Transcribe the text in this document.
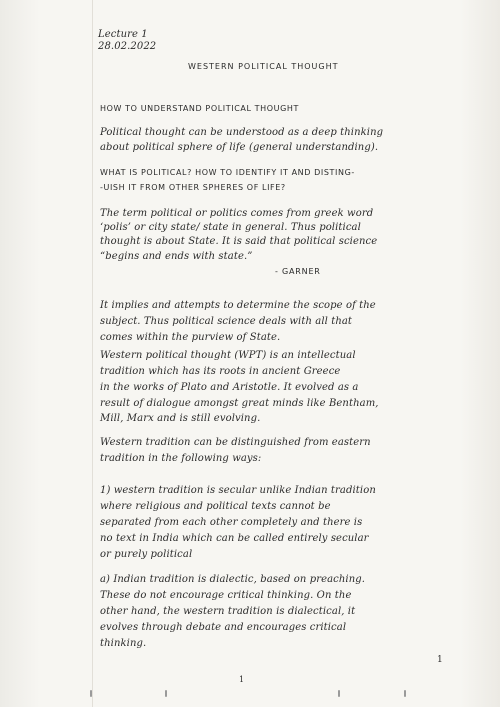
Lecture 1
28.02.2022
WESTERN POLITICAL THOUGHT
HOW TO UNDERSTAND POLITICAL THOUGHT
Political thought can be understood as a deep thinking
about political sphere of life (general understanding).
WHAT IS POLITICAL? HOW TO IDENTIFY IT AND DISTING-
-UISH IT FROM OTHER SPHERES OF LIFE?
The term political or politics comes from greek word
‘polis’ or city state/ state in general. Thus political
thought is about State. It is said that political science
“begins and ends with state.”
- GARNER
It implies and attempts to determine the scope of the
subject. Thus political science deals with all that
comes within the purview of State.
Western political thought (WPT) is an intellectual
tradition which has its roots in ancient Greece
in the works of Plato and Aristotle. It evolved as a
result of dialogue amongst great minds like Bentham,
Mill, Marx and is still evolving.
Western tradition can be distinguished from eastern
tradition in the following ways:
1) western tradition is secular unlike Indian tradition
where religious and political texts cannot be
separated from each other completely and there is
no text in India which can be called entirely secular
or purely political
a) Indian tradition is dialectic, based on preaching.
These do not encourage critical thinking. On the
other hand, the western tradition is dialectical, it
evolves through debate and encourages critical
thinking.
1
1
